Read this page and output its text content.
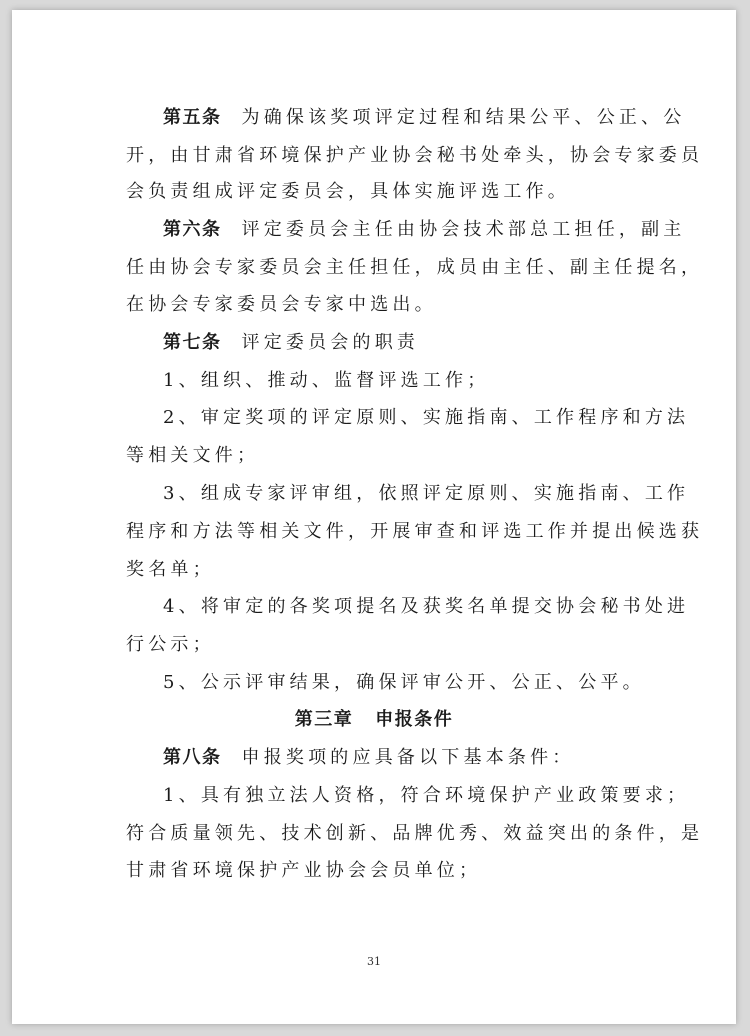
第五条 为确保该奖项评定过程和结果公平、公正、公
开，由甘肃省环境保护产业协会秘书处牵头，协会专家委员
会负责组成评定委员会，具体实施评选工作。
第六条 评定委员会主任由协会技术部总工担任，副主
任由协会专家委员会主任担任，成员由主任、副主任提名，
在协会专家委员会专家中选出。
第七条 评定委员会的职责
1、组织、推动、监督评选工作；
2、审定奖项的评定原则、实施指南、工作程序和方法
等相关文件；
3、组成专家评审组，依照评定原则、实施指南、工作
程序和方法等相关文件，开展审查和评选工作并提出候选获
奖名单；
4、将审定的各奖项提名及获奖名单提交协会秘书处进
行公示；
5、公示评审结果，确保评审公开、公正、公平。
第三章 申报条件
第八条 申报奖项的应具备以下基本条件：
1、具有独立法人资格，符合环境保护产业政策要求；
符合质量领先、技术创新、品牌优秀、效益突出的条件，是
甘肃省环境保护产业协会会员单位；
31
